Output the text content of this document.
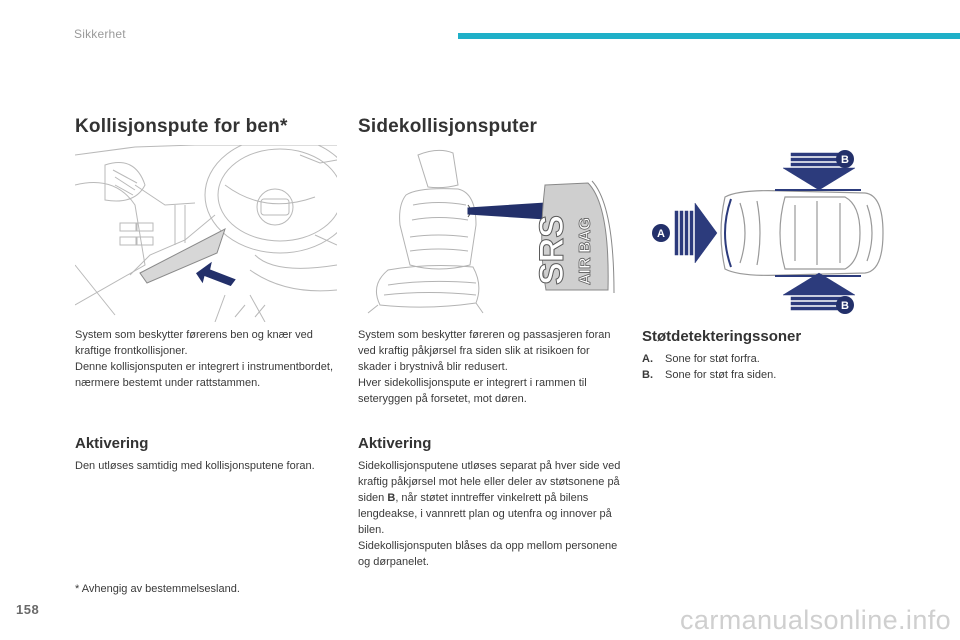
Sikkerhet
Kollisjonspute for ben*

System som beskytter førerens ben og knær ved kraftige frontkollisjoner.

Denne kollisjonsputen er integrert i instrumentbordet, nærmere bestemt under rattstammen.

Aktivering

Den utløses samtidig med kollisjonsputene foran.

* Avhengig av bestemmelsesland.

Sidekollisjonsputer
SRS AIR BAG

System som beskytter føreren og passasjeren foran ved kraftig påkjørsel fra siden slik at risikoen for skader i brystnivå blir redusert.

Hver sidekollisjonspute er integrert i rammen til seteryggen på forsetet, mot døren.

Aktivering

Sidekollisjonsputene utløses separat på hver side ved kraftig påkjørsel mot hele eller deler av støtsonene på siden B, når støtet inntreffer vinkelrett på bilens lengdeakse, i vannrett plan og utenfra og innover på bilen.

Sidekollisjonsputen blåses da opp mellom personene og dørpanelet.

B
B
A
Støtdetekteringssoner
A.	Sone for støt forfra.
B.	Sone for støt fra siden.
158	carmanualsonline.info
